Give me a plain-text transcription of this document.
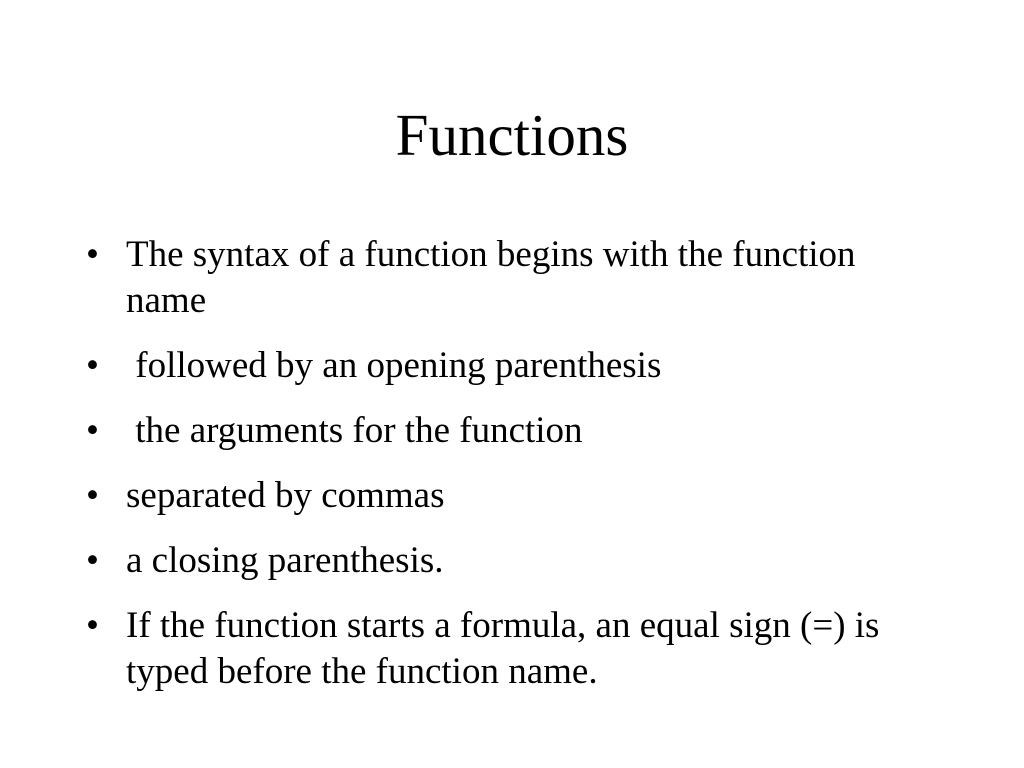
Functions
• The syntax of a function begins with the function name
• followed by an opening parenthesis
• the arguments for the function
• separated by commas
• a closing parenthesis.
• If the function starts a formula, an equal sign (=) is typed before the function name.
